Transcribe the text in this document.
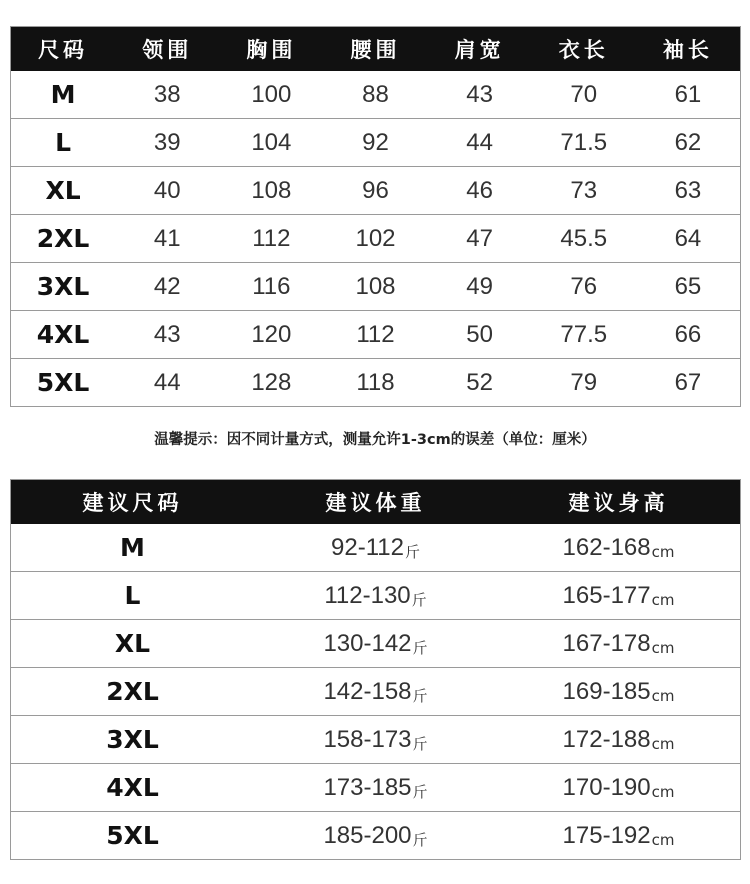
尺码	领围	胸围	腰围	肩宽	衣长	袖长
M	38	100	88	43	70	61
L	39	104	92	44	71.5	62
XL	40	108	96	46	73	63
2XL	41	112	102	47	45.5	64
3XL	42	116	108	49	76	65
4XL	43	120	112	50	77.5	66
5XL	44	128	118	52	79	67
温馨提示：因不同计量方式，测量允许1-3cm的误差（单位：厘米）
建议尺码	建议体重	建议身高
M	92-112 斤	162-168 cm
L	112-130 斤	165-177 cm
XL	130-142 斤	167-178 cm
2XL	142-158 斤	169-185 cm
3XL	158-173 斤	172-188 cm
4XL	173-185 斤	170-190 cm
5XL	185-200 斤	175-192 cm
